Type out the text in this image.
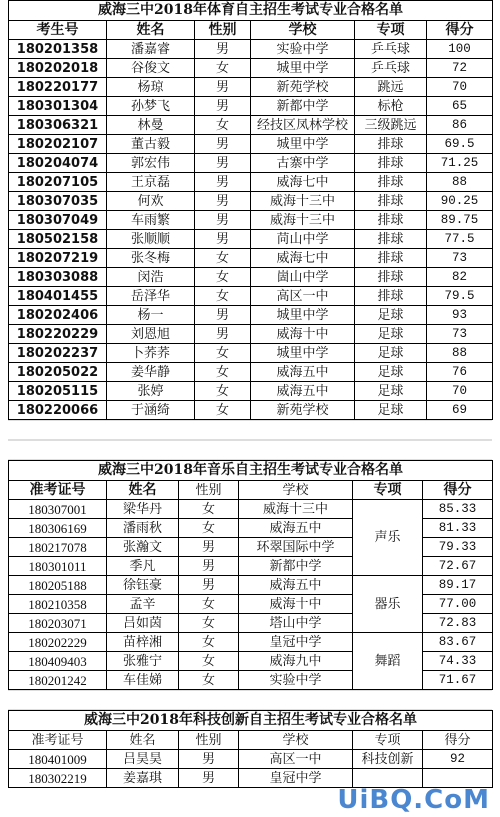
威海三中2018年体育自主招生考试专业合格名单					
考生号	姓名	性别	学校	专项	得分
180201358	潘嘉睿	男	实验中学	乒乓球	100
180202018	谷俊文	女	城里中学	乒乓球	72
180220177	杨琼	男	新苑学校	跳远	70
180301304	孙梦飞	男	新都中学	标枪	65
180306321	林曼	女	经技区凤林学校	三级跳远	86
180202107	董古毅	男	城里中学	排球	69.5
180204074	郭宏伟	男	古寨中学	排球	71.25
180207105	王京磊	男	威海七中	排球	88
180307035	何欢	男	威海十三中	排球	90.25
180307049	车雨繁	男	威海十三中	排球	89.75
180502158	张顺顺	男	苘山中学	排球	77.5
180207219	张冬梅	女	威海七中	排球	73
180303088	闵浩	女	崮山中学	排球	82
180401455	岳泽华	女	高区一中	排球	79.5
180202406	杨一	男	城里中学	足球	93
180220229	刘恩旭	男	威海十中	足球	73
180202237	卜荞荞	女	城里中学	足球	88
180205022	姜华静	女	威海五中	足球	76
180205115	张婷	女	威海五中	足球	70
180220066	于涵绮	女	新苑学校	足球	69
威海三中2018年音乐自主招生考试专业合格名单					
准考证号	姓名	性别	学校	专项	得分
180307001	梁华丹	女	威海十三中	声乐	85.33
180306169	潘雨秋	女	威海五中		81.33
180217078	张瀚文	男	环翠国际中学		79.33
180301011	季凡	男	新都中学		72.67
180205188	徐钰豪	男	威海五中	器乐	89.17
180210358	孟辛	女	威海十中		77.00
180203071	吕如茵	女	塔山中学		72.83
180202229	苗梓湘	女	皇冠中学	舞蹈	83.67
180409403	张雅宁	女	威海九中		74.33
180201242	车佳娣	女	实验中学		71.67
威海三中2018年科技创新自主招生考试专业合格名单					
准考证号	姓名	性别	学校	专项	得分
180401009	吕昊昊	男	高区一中	科技创新	92
180302219	姜嘉琪	男	皇冠中学		
UiBQ.CoM
